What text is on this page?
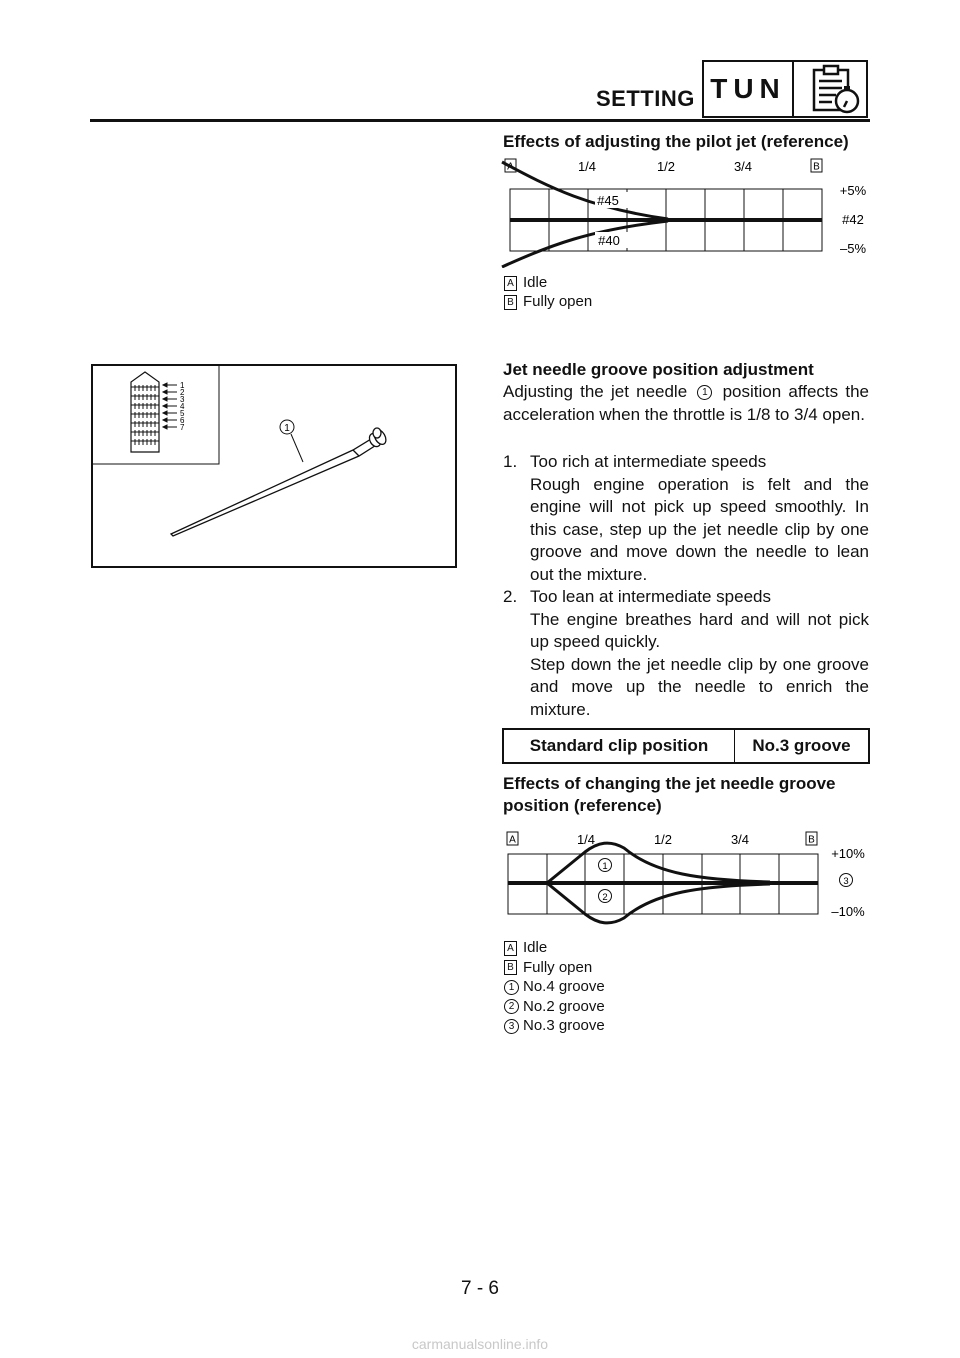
SETTING TUN
Effects of adjusting the pilot jet (reference)
A	B
1/4	1/2	3/4
#45
#40
+5%
#42
–5%
A Idle
B Fully open
1
2
3
4
5
6
7	1
Jet needle groove position adjustment
Adjusting the jet needle 1 position affects the acceleration when the throttle is 1/8 to 3/4 open.
1. Too rich at intermediate speeds
Rough engine operation is felt and the engine will not pick up speed smoothly. In this case, step up the jet needle clip by one groove and move down the needle to lean out the mixture.
2. Too lean at intermediate speeds
The engine breathes hard and will not pick up speed quickly.
Step down the jet needle clip by one groove and move up the needle to enrich the mixture.
Standard clip position	No.3 groove
Effects of changing the jet needle groove
position (reference)
A	B
1/4	1/2	3/4
1
2
+10%
3
–10%
A Idle
B Fully open
1 No.4 groove
2 No.2 groove
3 No.3 groove
7 - 6
carmanualsonline.info
